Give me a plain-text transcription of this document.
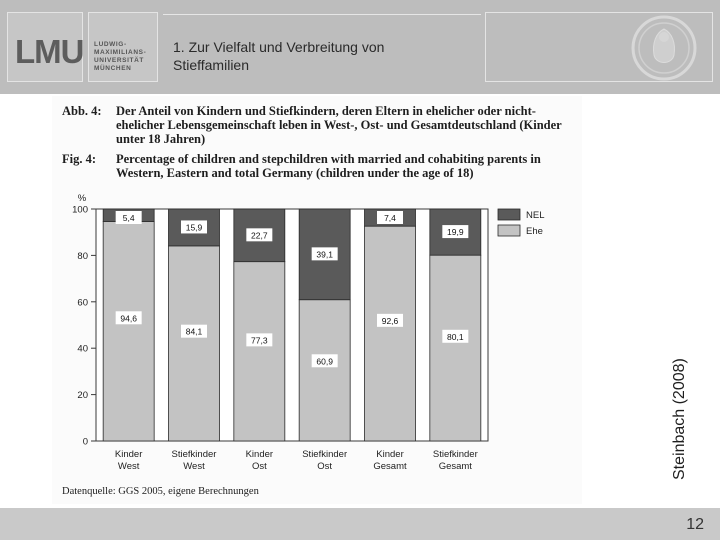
LMU LUDWIG-
MAXIMILIANS-
UNIVERSITÄT
MÜNCHEN
1. Zur Vielfalt und Verbreitung von Stieffamilien
Abb. 4:	Der Anteil von Kindern und Stiefkindern, deren Eltern in ehelicher oder nicht-ehelicher Lebensgemeinschaft leben in West-, Ost- und Gesamtdeutschland (Kinder unter 18 Jahren)
Fig. 4:	Percentage of children and stepchildren with married and cohabiting parents in Western, Eastern and total Germany (children under the age of 18)
0
20
40
60
80
100
%
94,6
5,4
Kinder
West
84,1
15,9
Stiefkinder
West
77,3
22,7
Kinder
Ost
60,9
39,1
Stiefkinder
Ost
92,6
7,4
Kinder
Gesamt
80,1
19,9
Stiefkinder
Gesamt
NEL
Ehe
Datenquelle: GGS 2005, eigene Berechnungen
Steinbach (2008)
12
